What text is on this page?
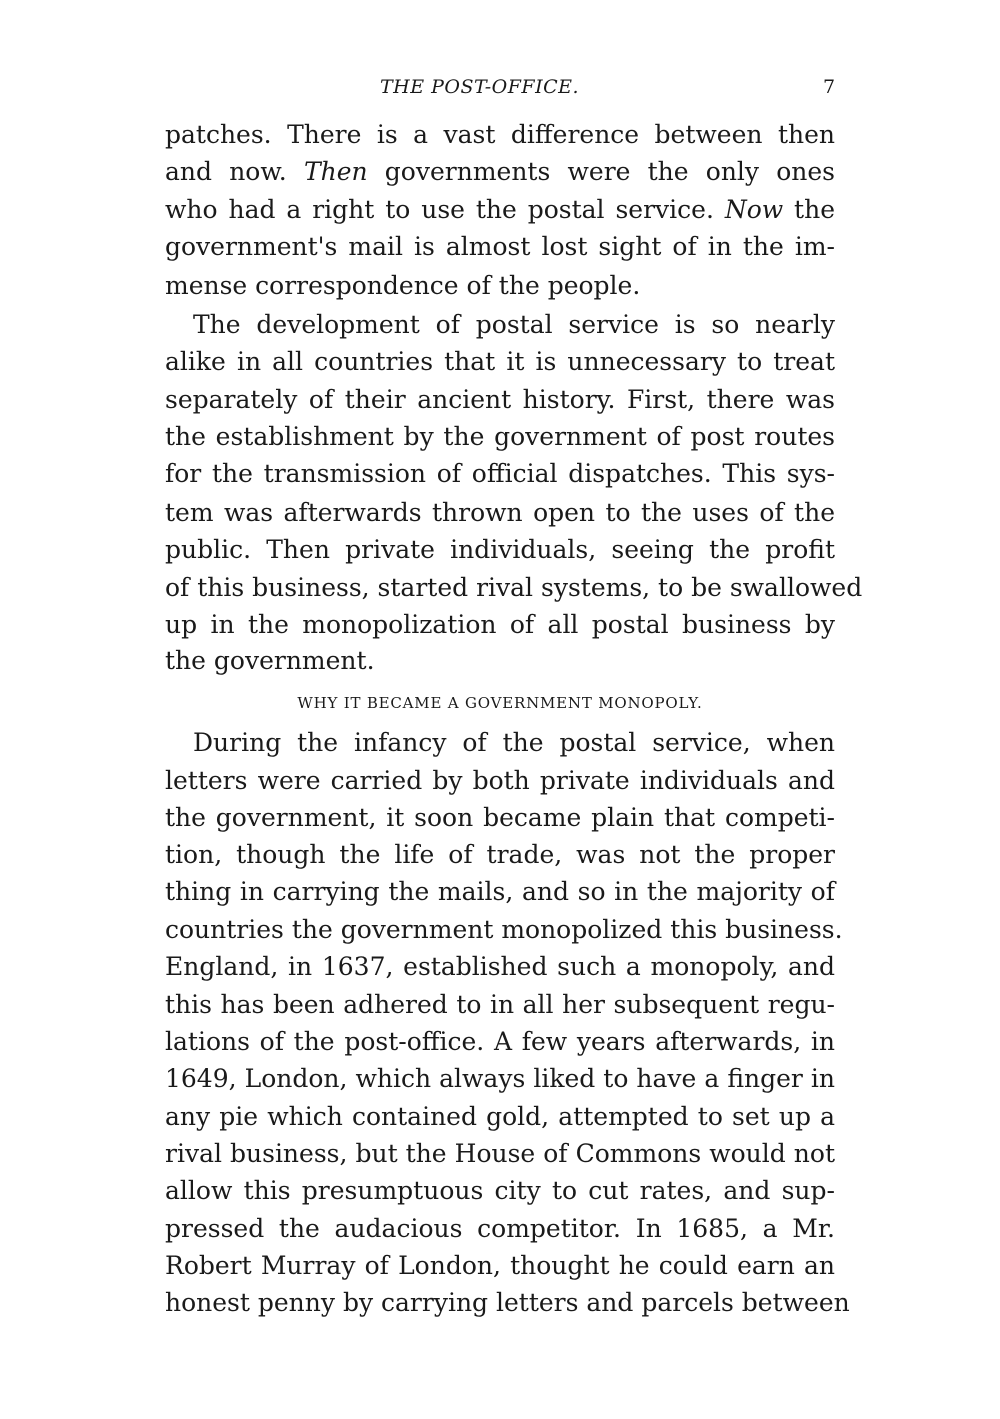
THE POST-OFFICE.	7
WHY IT BECAME A GOVERNMENT MONOPOLY.
patches. There is a vast difference between then
and now. Then governments were the only ones
who had a right to use the postal service. Now the
government's mail is almost lost sight of in the im-
mense correspondence of the people.
The development of postal service is so nearly
alike in all countries that it is unnecessary to treat
separately of their ancient history. First, there was
the establishment by the government of post routes
for the transmission of official dispatches. This sys-
tem was afterwards thrown open to the uses of the
public. Then private individuals, seeing the profit
of this business, started rival systems, to be swallowed
up in the monopolization of all postal business by
the government.
During the infancy of the postal service, when
letters were carried by both private individuals and
the government, it soon became plain that competi-
tion, though the life of trade, was not the proper
thing in carrying the mails, and so in the majority of
countries the government monopolized this business.
England, in 1637, established such a monopoly, and
this has been adhered to in all her subsequent regu-
lations of the post-office. A few years afterwards, in
1649, London, which always liked to have a finger in
any pie which contained gold, attempted to set up a
rival business, but the House of Commons would not
allow this presumptuous city to cut rates, and sup-
pressed the audacious competitor. In 1685, a Mr.
Robert Murray of London, thought he could earn an
honest penny by carrying letters and parcels between
